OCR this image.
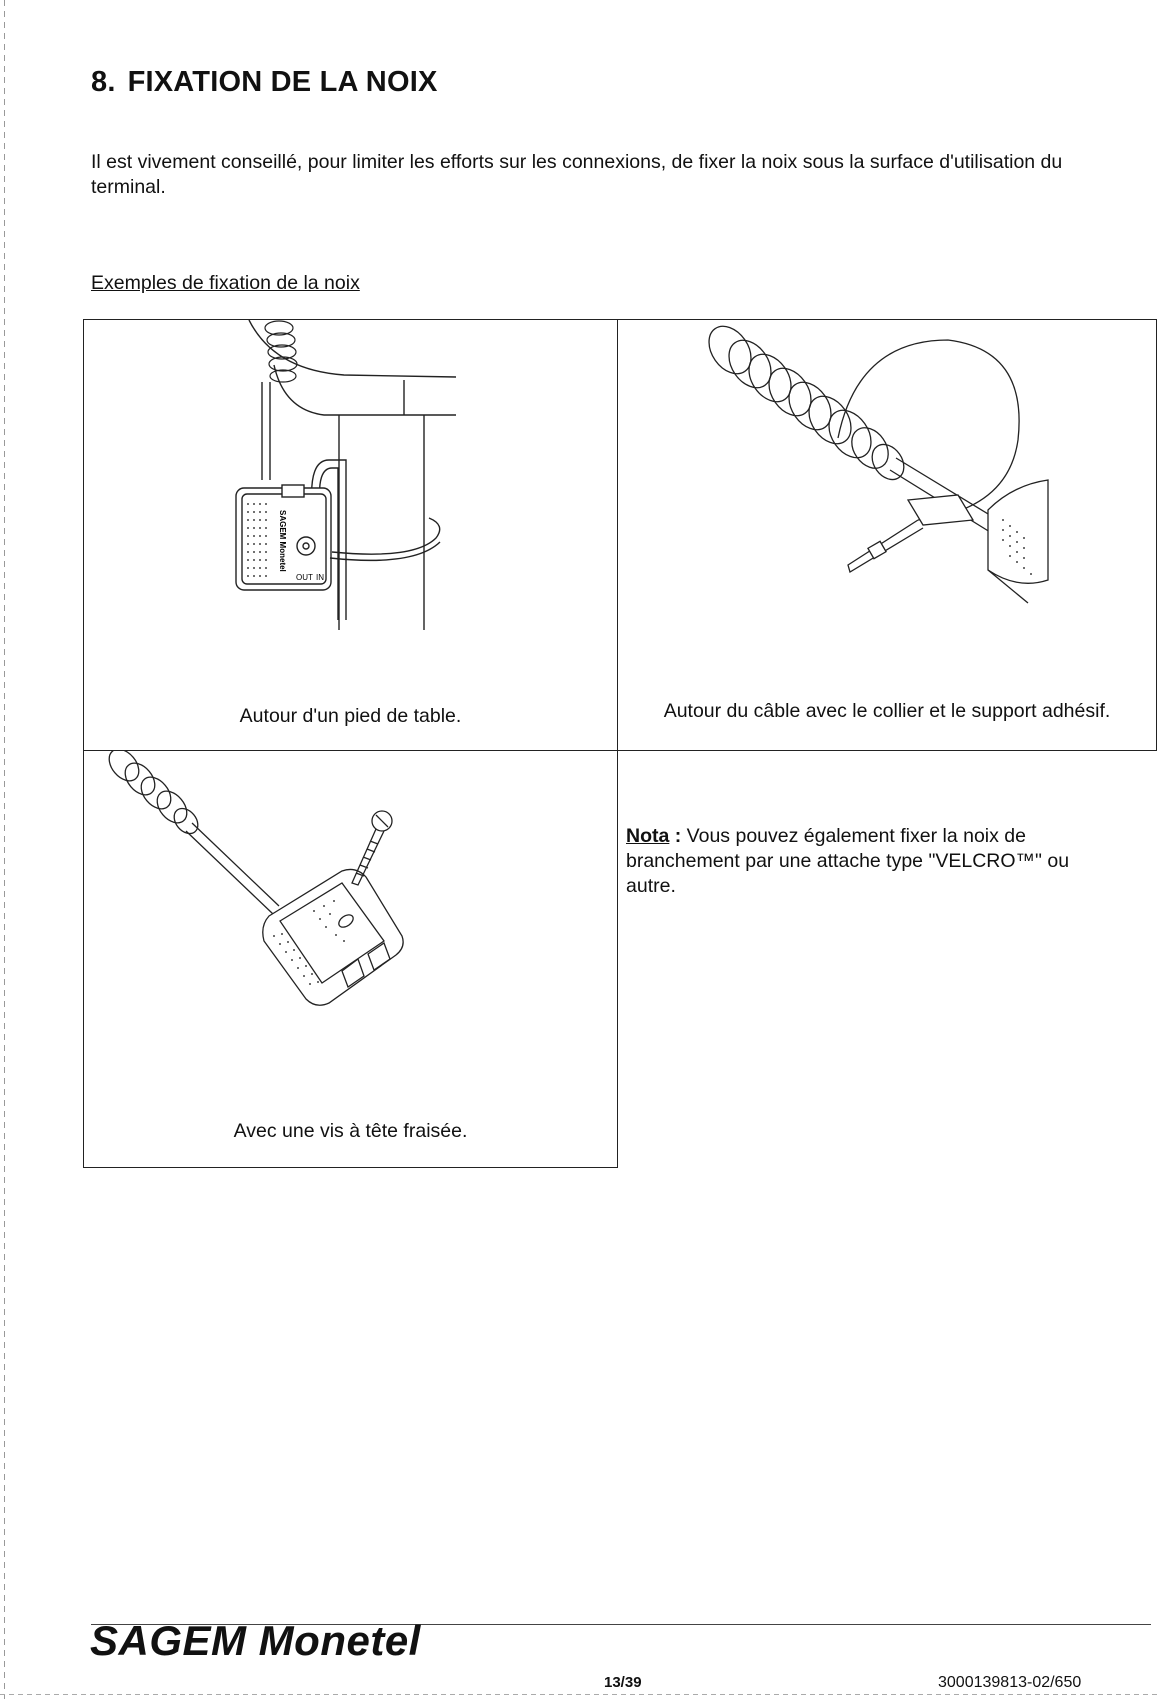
8. FIXATION DE LA NOIX

Il est vivement conseillé, pour limiter les efforts sur les connexions, de fixer la noix sous la surface d'utilisation du terminal.

Exemples de fixation de la noix

SAGEM Monetel
OUT IN
Autour d'un pied de table.	Autour du câble avec le collier et le support adhésif.
Avec une vis à tête fraisée.

Nota : Vous pouvez également fixer la noix de branchement par une attache type "VELCRO™" ou autre.

SAGEM Monetel
13/39	3000139813-02/650
